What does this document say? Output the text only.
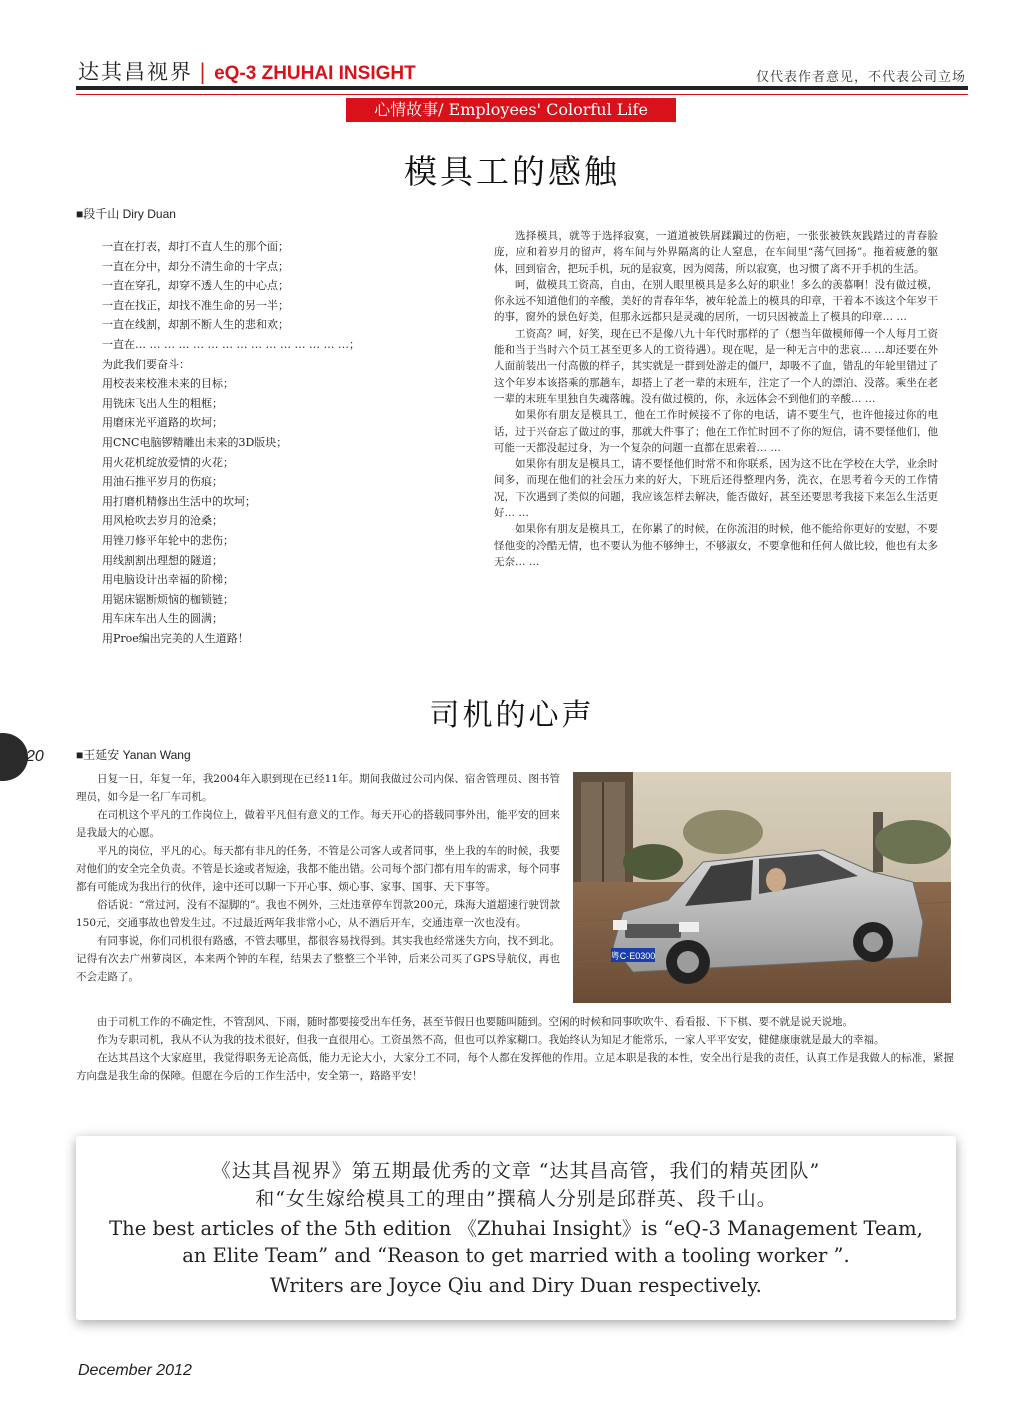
达其昌视界 | eQ-3 ZHUHAI INSIGHT	仅代表作者意见，不代表公司立场
心情故事/ Employees' Colorful Life
模具工的感触
■段千山 Diry Duan
一直在打表，却打不直人生的那个面；
一直在分中，却分不清生命的十字点；
一直在穿孔，却穿不透人生的中心点；
一直在找正，却找不准生命的另一半；
一直在线割，却割不断人生的悲和欢；
一直在… … … … … … … … … … … … … … …；
为此我们要奋斗：
用校表来校准未来的目标；
用铣床飞出人生的粗框；
用磨床光平道路的坎坷；
用CNC电脑锣精雕出未来的3D版块；
用火花机绽放爱情的火花；
用油石推平岁月的伤痕；
用打磨机精修出生活中的坎坷；
用风枪吹去岁月的沧桑；
用锉刀修平年轮中的悲伤；
用线割割出理想的隧道；
用电脑设计出幸福的阶梯；
用锯床锯断烦恼的枷锁链；
用车床车出人生的圆满；
用Proe编出完美的人生道路！

选择模具，就等于选择寂寞，一道道被铁屑蹂躏过的伤疤，一张张被铁灰践踏过的青春脸庞，应和着岁月的留声，将车间与外界隔离的让人窒息，在车间里“荡气回扬”。拖着疲惫的躯体，回到宿舍，把玩手机，玩的是寂寞，因为阅荡，所以寂寞，也习惯了离不开手机的生活。

呵，做模具工资高，自由，在别人眼里模具是多么好的职业！多么的羡慕啊！没有做过模，你永远不知道他们的辛酸，美好的青春年华，被年轮盖上的模具的印章，干着本不该这个年岁干的事，窗外的景色好美，但那永远都只是灵魂的居所，一切只因被盖上了模具的印章… …

工资高？呵，好笑，现在已不是像八九十年代时那样的了（想当年做模师傅一个人每月工资能和当于当时六个员工甚至更多人的工资待遇）。现在呢，是一种无言中的悲哀… …却还要在外人面前装出一付高傲的样子，其实就是一群到处游走的僵尸，却吸不了血，错乱的年轮里错过了这个年岁本该搭乘的那趟车，却搭上了老一辈的末班车，注定了一个人的漂泊、没落。乘坐在老一辈的末班车里独自失魂落魄。没有做过模的，你，永远体会不到他们的辛酸… …

如果你有朋友是模具工，他在工作时候接不了你的电话，请不要生气，也许他接过你的电话，过于兴奋忘了做过的事，那就大件事了；他在工作忙时回不了你的短信，请不要怪他们，他可能一天都没起过身，为一个复杂的问题一直都在思索着… …

如果你有朋友是模具工，请不要怪他们时常不和你联系，因为这不比在学校在大学，业余时间多，而现在他们的社会压力来的好大，下班后还得整理内务，洗衣，在思考着今天的工作情况，下次遇到了类似的问题，我应该怎样去解决，能否做好，甚至还要思考我接下来怎么生活更好… …

如果你有朋友是模具工，在你累了的时候，在你流泪的时候，他不能给你更好的安慰，不要怪他变的冷酷无情，也不要认为他不够绅士，不够淑女，不要拿他和任何人做比较，他也有太多无奈… …

司机的心声
20	■王延安 Yanan Wang

日复一日，年复一年，我2004年入职到现在已经11年。期间我做过公司内保、宿舍管理员、图书管理员，如今是一名厂车司机。

在司机这个平凡的工作岗位上，做着平凡但有意义的工作。每天开心的搭载同事外出，能平安的回来是我最大的心愿。

平凡的岗位，平凡的心。每天都有非凡的任务，不管是公司客人或者同事，坐上我的车的时候，我要对他们的安全完全负责。不管是长途或者短途，我都不能出错。公司每个部门都有用车的需求，每个同事都有可能成为我出行的伙伴，途中还可以聊一下开心事、烦心事、家事、国事、天下事等。

俗话说：“常过河，没有不湿脚的”。我也不例外，三灶违章停车罚款200元，珠海大道超速行驶罚款150元，交通事故也曾发生过。不过最近两年我非常小心，从不酒后开车，交通违章一次也没有。

有同事说，你们司机很有路感，不管去哪里，都很容易找得到。其实我也经常迷失方向，找不到北。记得有次去广州萝岗区，本来两个钟的车程，结果去了整整三个半钟，后来公司买了GPS导航仪，再也不会走路了。

粤C·E0300

由于司机工作的不确定性，不管刮风、下雨，随时都要接受出车任务，甚至节假日也要随叫随到。空闲的时候和同事吹吹牛、看看报、下下棋、要不就是说天说地。

作为专职司机，我从不认为我的技术很好，但我一直很用心。工资虽然不高，但也可以养家糊口。我始终认为知足才能常乐，一家人平平安安，健健康康就是最大的幸福。

在达其昌这个大家庭里，我觉得职务无论高低，能力无论大小，大家分工不同，每个人都在发挥他的作用。立足本职是我的本性，安全出行是我的责任，认真工作是我做人的标准，紧握方向盘是我生命的保障。但愿在今后的工作生活中，安全第一，路路平安！

《达其昌视界》第五期最优秀的文章 “达其昌高管，我们的精英团队”
和“女生嫁给模具工的理由”撰稿人分别是邱群英、段千山。
The best articles of the 5th edition 《Zhuhai Insight》is “eQ-3 Management Team,
an Elite Team” and “Reason to get married with a tooling worker ”.
Writers are Joyce Qiu and Diry Duan respectively.
December 2012
